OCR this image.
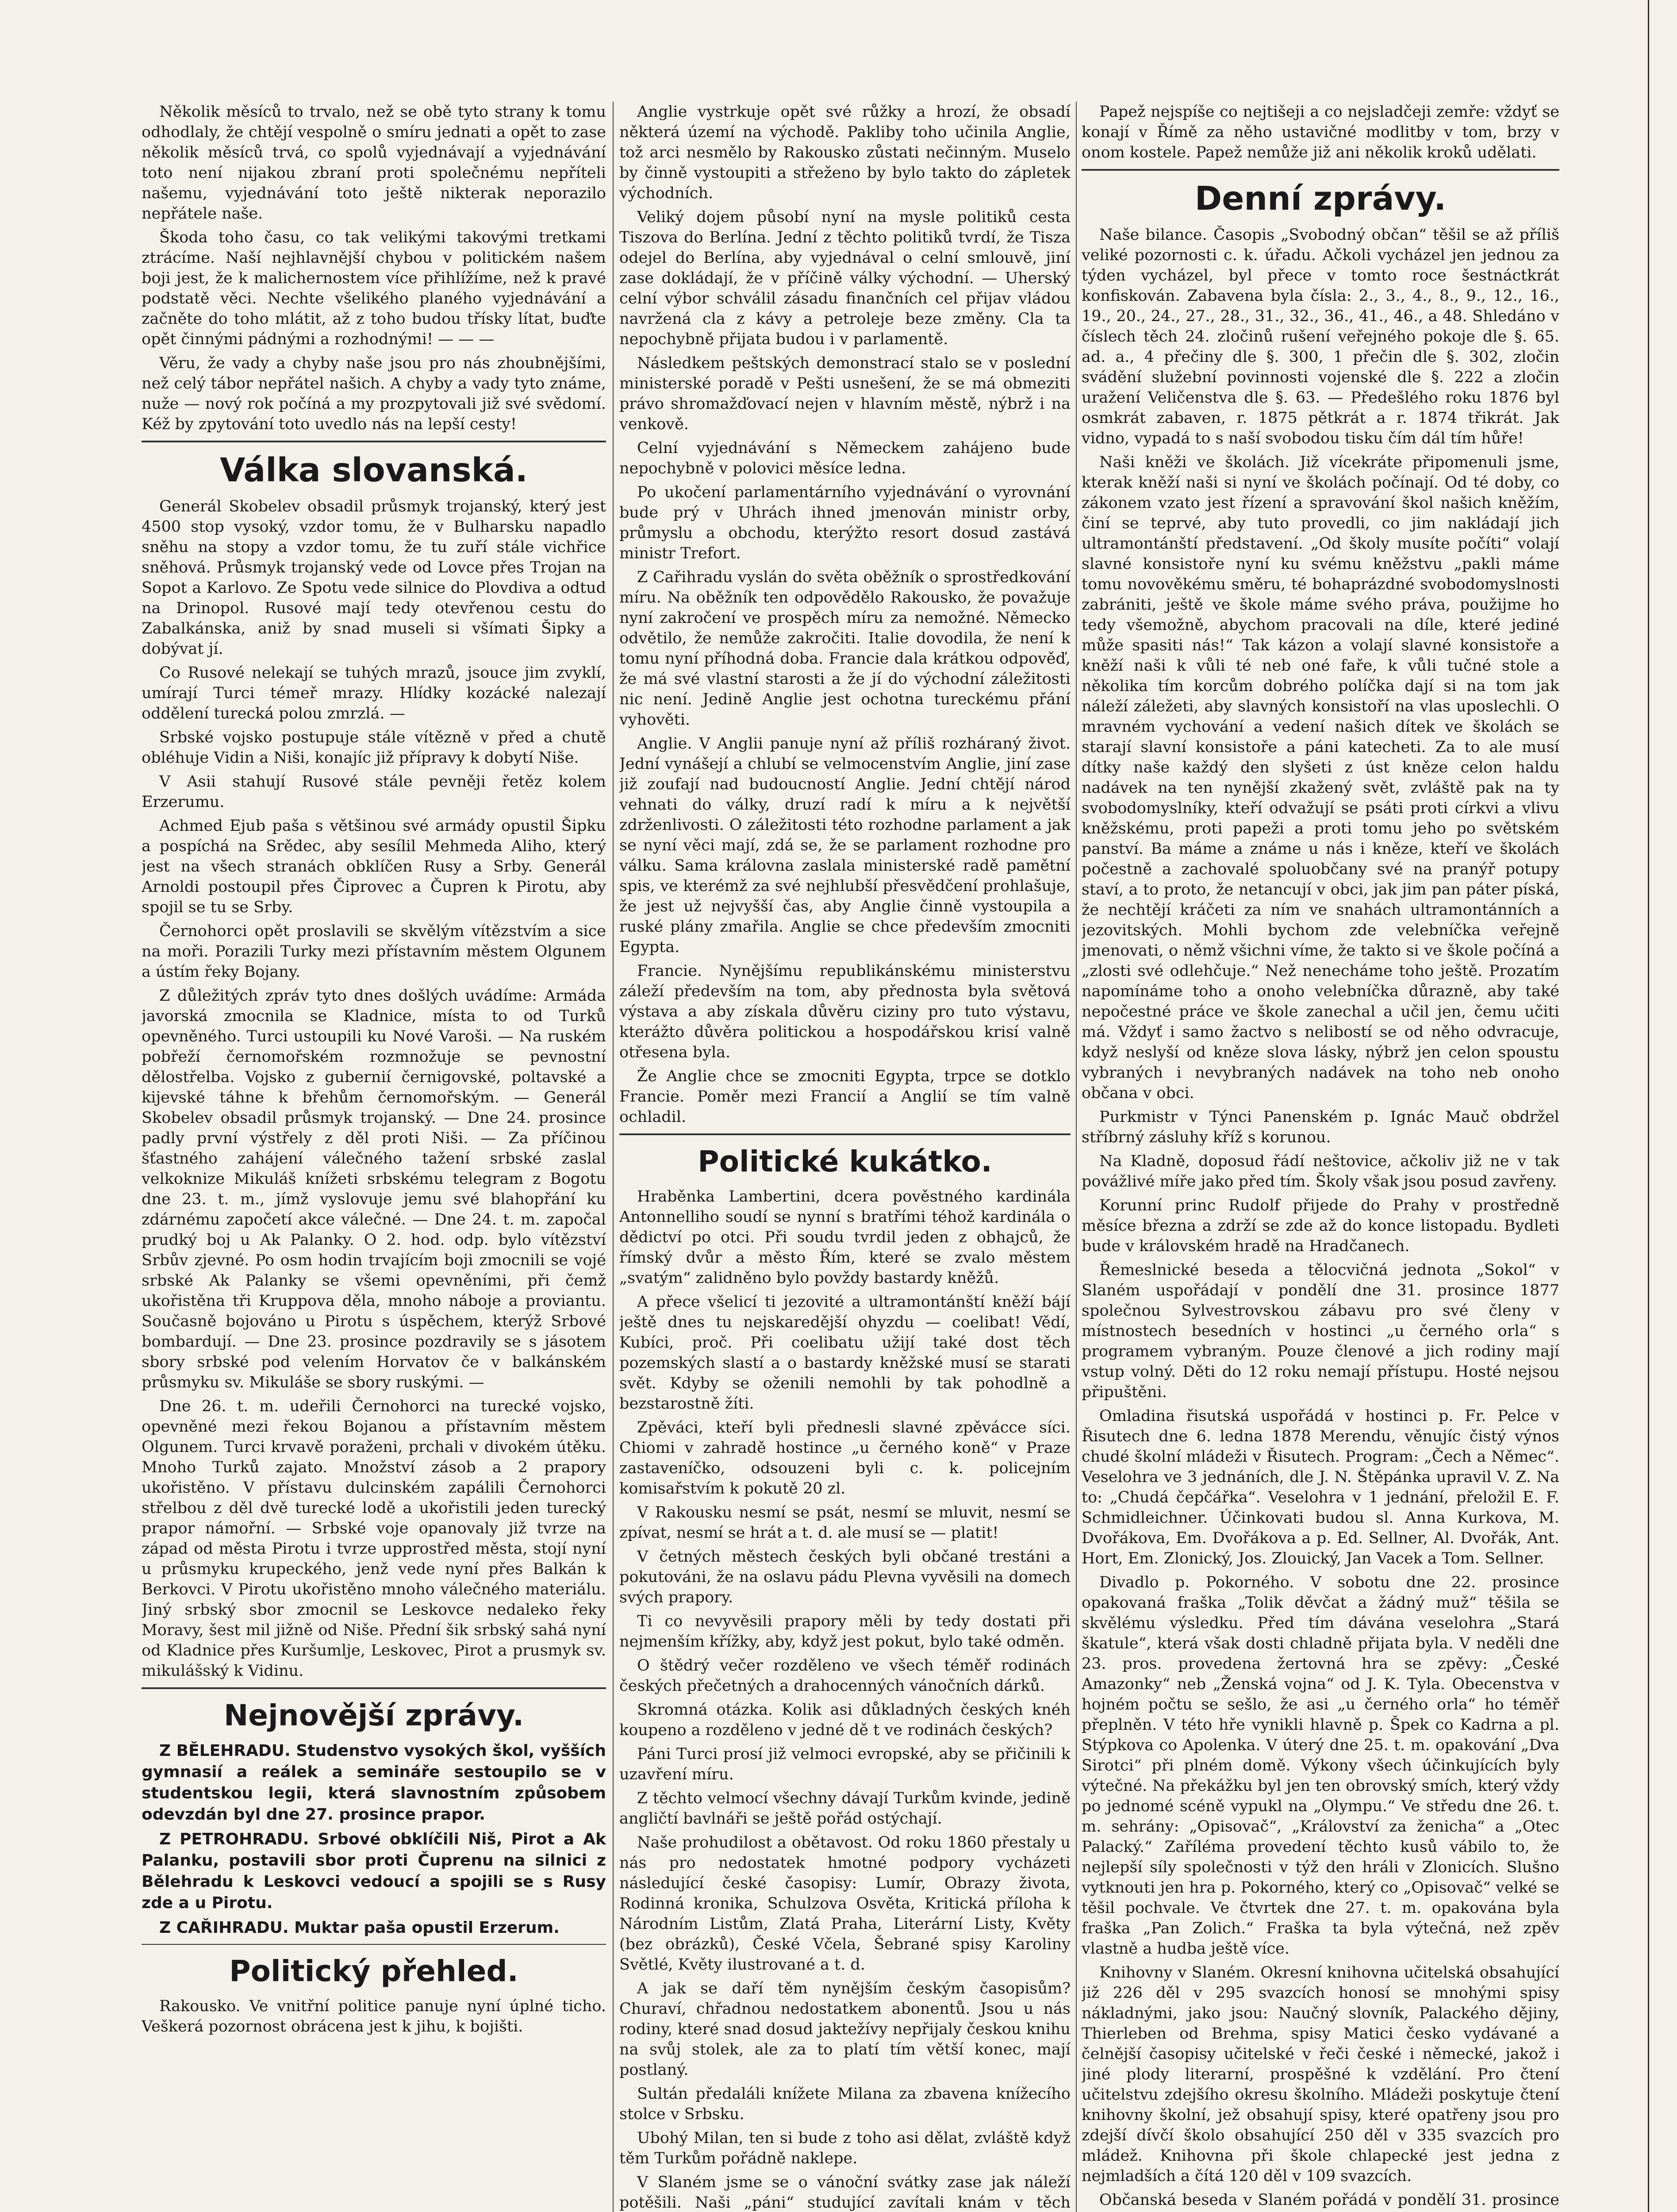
Několik měsíců to trvalo, než se obě tyto strany k tomu odhodlaly, že chtějí vespolně o smíru jednati a opět to zase několik měsíců trvá, co spolů vyjednávají a vyjednávání toto není nijakou zbraní proti společnému nepříteli našemu, vyjednávání toto ještě nikterak neporazilo nepřátele naše.

Škoda toho času, co tak velikými takovými tretkami ztrácíme. Naší nejhlavnější chybou v politickém našem boji jest, že k malichernostem více přihlížíme, než k pravé podstatě věci. Nechte všelikého planého vyjednávání a začněte do toho mlátit, až z toho budou třísky lítat, buďte opět činnými pádnými a rozhodnými! — — —

Věru, že vady a chyby naše jsou pro nás zhoubnějšími, než celý tábor nepřátel našich. A chyby a vady tyto známe, nuže — nový rok počíná a my prozpytovali již své svědomí. Kéž by zpytování toto uvedlo nás na lepší cesty!

Válka slovanská.

Generál Skobelev obsadil průsmyk trojanský, který jest 4500 stop vysoký, vzdor tomu, že v Bulharsku napadlo sněhu na stopy a vzdor tomu, že tu zuří stále vichřice sněhová. Průsmyk trojanský vede od Lovce přes Trojan na Sopot a Karlovo. Ze Spotu vede silnice do Plovdiva a odtud na Drinopol. Rusové mají tedy otevřenou cestu do Zabalkánska, aniž by snad museli si všímati Šipky a dobývat jí.

Co Rusové nelekají se tuhých mrazů, jsouce jim zvyklí, umírají Turci témeř mrazy. Hlídky kozácké nalezají oddělení turecká polou zmrzlá. —

Srbské vojsko postupuje stále vítězně v před a chutě obléhuje Vidin a Niši, konajíc již přípravy k dobytí Niše.

V Asii stahují Rusové stále pevněji řetěz kolem Erzerumu.

Achmed Ejub paša s většinou své armády opustil Šipku a pospíchá na Srědec, aby sesílil Mehmeda Aliho, který jest na všech stranách obklíčen Rusy a Srby. Generál Arnoldi postoupil přes Čiprovec a Čupren k Pirotu, aby spojil se tu se Srby.

Černohorci opět proslavili se skvělým vítězstvím a sice na moři. Porazili Turky mezi přístavním městem Olgunem a ústím řeky Bojany.

Z důležitých zpráv tyto dnes došlých uvádíme: Armáda javorská zmocnila se Kladnice, místa to od Turků opevněného. Turci ustoupili ku Nové Varoši. — Na ruském pobřeží černomořském rozmnožuje se pevnostní dělostřelba. Vojsko z gubernií černigovské, poltavské a kijevské táhne k břehům černomořským. — Generál Skobelev obsadil průsmyk trojanský. — Dne 24. prosince padly první výstřely z děl proti Niši. — Za příčinou šťastného zahájení válečného tažení srbské zaslal velkoknize Mikuláš knížeti srbskému telegram z Bogotu dne 23. t. m., jímž vyslovuje jemu své blahopřání ku zdárnému započetí akce válečné. — Dne 24. t. m. započal prudký boj u Ak Palanky. O 2. hod. odp. bylo vítězství Srbův zjevné. Po osm hodin trvajícím boji zmocnili se vojé srbské Ak Palanky se všemi opevněními, při čemž ukořistěna tři Kruppova děla, mnoho náboje a proviantu. Současně bojováno u Pirotu s úspěchem, kterýž Srbové bombardují. — Dne 23. prosince pozdravily se s jásotem sbory srbské pod velením Horvatov če v balkánském průsmyku sv. Mikuláše se sbory ruskými. —

Dne 26. t. m. udeřili Černohorci na turecké vojsko, opevněné mezi řekou Bojanou a přístavním městem Olgunem. Turci krvavě poraženi, prchali v divokém útěku. Mnoho Turků zajato. Množství zásob a 2 prapory ukořistěno. V přístavu dulcinském zapálili Černohorci střelbou z děl dvě turecké lodě a ukořistili jeden turecký prapor námořní. — Srbské voje opanovaly již tvrze na západ od města Pirotu i tvrze upprostřed města, stojí nyní u průsmyku krupeckého, jenž vede nyní přes Balkán k Berkovci. V Pirotu ukořistěno mnoho válečného materiálu. Jiný srbský sbor zmocnil se Leskovce nedaleko řeky Moravy, šest mil jižně od Niše. Přední šik srbský sahá nyní od Kladnice přes Kuršumlje, Leskovec, Pirot a prusmyk sv. mikulášský k Vidinu.

Nejnovější zprávy.

Z BĚLEHRADU. Studenstvo vysokých škol, vyšších gymnasií a reálek a semináře sestoupilo se v studentskou legii, která slavnostním způsobem odevzdán byl dne 27. prosince prapor.

Z PETROHRADU. Srbové obklíčili Niš, Pirot a Ak Palanku, postavili sbor proti Čuprenu na silnici z Bělehradu k Leskovci vedoucí a spojili se s Rusy zde a u Pirotu.

Z CAŘIHRADU. Muktar paša opustil Erzerum.

Politický přehled.

Rakousko. Ve vnitřní politice panuje nyní úplné ticho. Veškerá pozornost obrácena jest k jihu, k bojišti.

Anglie vystrkuje opět své růžky a hrozí, že obsadí některá území na východě. Pakliby toho učinila Anglie, tož arci nesmělo by Rakousko zůstati nečinným. Muselo by činně vystoupiti a střeženo by bylo takto do zápletek východních.

Veliký dojem působí nyní na mysle politiků cesta Tiszova do Berlína. Jední z těchto politiků tvrdí, že Tisza odejel do Berlína, aby vyjednával o celní smlouvě, jiní zase dokládají, že v příčině války východní. — Uherský celní výbor schválil zásadu finančních cel přijav vládou navržená cla z kávy a petroleje beze změny. Cla ta nepochybně přijata budou i v parlamentě.

Následkem peštských demonstrací stalo se v poslední ministerské poradě v Pešti usnešení, že se má obmeziti právo shromažďovací nejen v hlavním městě, nýbrž i na venkově.

Celní vyjednávání s Německem zahájeno bude nepochybně v polovici měsíce ledna.

Po ukočení parlamentárního vyjednávání o vyrovnání bude prý v Uhrách ihned jmenován ministr orby, průmyslu a obchodu, kterýžto resort dosud zastává ministr Trefort.

Z Cařihradu vyslán do světa oběžník o sprostředkování míru. Na oběžník ten odpovědělo Rakousko, že považuje nyní zakročení ve prospěch míru za nemožné. Německo odvětilo, že nemůže zakročiti. Italie dovodila, že není k tomu nyní příhodná doba. Francie dala krátkou odpověď, že má své vlastní starosti a že jí do východní záležitosti nic není. Jedině Anglie jest ochotna tureckému přání vyhověti.

Anglie. V Anglii panuje nyní až příliš rozháraný život. Jední vynášejí a chlubí se velmocenstvím Anglie, jiní zase již zoufají nad budoucností Anglie. Jední chtějí národ vehnati do války, druzí radí k míru a k největší zdrženlivosti. O záležitosti této rozhodne parlament a jak se nyní věci mají, zdá se, že se parlament rozhodne pro válku. Sama královna zaslala ministerské radě pamětní spis, ve kterémž za své nejhlubší přesvědčení prohlašuje, že jest už nejvyšší čas, aby Anglie činně vystoupila a ruské plány zmařila. Anglie se chce především zmocniti Egypta.

Francie. Nynějšímu republikánskému ministerstvu záleží především na tom, aby přednosta byla světová výstava a aby získala důvěru ciziny pro tuto výstavu, kterážto důvěra politickou a hospodářskou krisí valně otřesena byla.

Že Anglie chce se zmocniti Egypta, trpce se dotklo Francie. Poměr mezi Francií a Anglií se tím valně ochladil.

Politické kukátko.

Hraběnka Lambertini, dcera pověstného kardinála Antonnelliho soudí se nynní s bratřími téhož kardinála o dědictví po otci. Při soudu tvrdil jeden z obhajců, že římský dvůr a město Řím, které se zvalo městem „svatým“ zalidněno bylo povždy bastardy kněžů.

A přece všelicí ti jezovité a ultramontánští kněží bájí ještě dnes tu nejskaredější ohyzdu — coelibat! Vědí, Kubíci, proč. Při coelibatu užijí také dost těch pozemských slastí a o bastardy kněžské musí se starati svět. Kdyby se oženili nemohli by tak pohodlně a bezstarostně žíti.

Zpěváci, kteří byli přednesli slavné zpěvácce síci. Chiomi v zahradě hostince „u černého koně“ v Praze zastaveníčko, odsouzeni byli c. k. policejním komisařstvím k pokutě 20 zl.

V Rakousku nesmí se psát, nesmí se mluvit, nesmí se zpívat, nesmí se hrát a t. d. ale musí se — platit!

V četných městech českých byli občané trestáni a pokutováni, že na oslavu pádu Plevna vyvěsili na domech svých prapory.

Ti co nevyvěsili prapory měli by tedy dostati při nejmenším křížky, aby, když jest pokut, bylo také odměn.

O štědrý večer rozděleno ve všech téměř rodinách českých přečetných a drahocenných vánočních dárků.

Skromná otázka. Kolik asi důkladných českých knéh koupeno a rozděleno v jedné dě t ve rodinách českých?

Páni Turci prosí již velmoci evropské, aby se přičinili k uzavření míru.

Z těchto velmocí všechny dávají Turkům kvinde, jedině angličtí bavlnáři se ještě pořád ostýchají.

Naše prohudilost a obětavost. Od roku 1860 přestaly u nás pro nedostatek hmotné podpory vycházeti následující české časopisy: Lumír, Obrazy života, Rodinná kronika, Schulzova Osvěta, Kritická příloha k Národním Listům, Zlatá Praha, Literární Listy, Květy (bez obrázků), České Včela, Šebrané spisy Karoliny Světlé, Květy ilustrované a t. d.

A jak se daří těm nynějším českým časopisům? Churaví, chřadnou nedostatkem abonentů. Jsou u nás rodiny, které snad dosud jaktežívy nepřijaly českou knihu na svůj stolek, ale za to platí tím větší konec, mají postlaný.

Sultán předaláli knížete Milana za zbavena knížecího stolce v Srbsku.

Ubohý Milan, ten si bude z toho asi dělat, zvláště když těm Turkům pořádně naklepe.

V Slaném jsme se o vánoční svátky zase jak náleží potěšili. Naši „páni“ studující zavítali knám v těch

Papež nejspíše co nejtišeji a co nejsladčeji zemře: vždyť se konají v Římě za něho ustavičné modlitby v tom, brzy v onom kostele. Papež nemůže již ani několik kroků udělati.

Denní zprávy.

Naše bilance. Časopis „Svobodný občan“ těšil se až příliš veliké pozornosti c. k. úřadu. Ačkoli vycházel jen jednou za týden vycházel, byl přece v tomto roce šestnáctkrát konfiskován. Zabavena byla čísla: 2., 3., 4., 8., 9., 12., 16., 19., 20., 24., 27., 28., 31., 32., 36., 41., 46., a 48. Shledáno v číslech těch 24. zločinů rušení veřejného pokoje dle §. 65. ad. a., 4 přečiny dle §. 300, 1 přečin dle §. 302, zločin svádění služební povinnosti vojenské dle §. 222 a zločin uražení Veličenstva dle §. 63. — Předešlého roku 1876 byl osmkrát zabaven, r. 1875 pětkrát a r. 1874 třikrát. Jak vidno, vypadá to s naší svobodou tisku čím dál tím hůře!

Naši kněži ve školách. Již vícekráte připomenuli jsme, kterak kněží naši si nyní ve školách počínají. Od té doby, co zákonem vzato jest řízení a spravování škol našich kněžím, činí se teprvé, aby tuto provedli, co jim nakládají jich ultramontánští představení. „Od školy musíte počíti“ volají slavné konsistoře nyní ku svému kněžstvu „pakli máme tomu novověkému směru, té bohaprázdné svobodomyslnosti zabrániti, ještě ve škole máme svého práva, použijme ho tedy všemožně, abychom pracovali na díle, které jediné může spasiti nás!“ Tak kázon a volají slavné konsistoře a kněží naši k vůli té neb oné faře, k vůli tučné stole a několika tím korcům dobrého políčka dají si na tom jak náleží záležeti, aby slavných konsistoří na vlas uposlechli. O mravném vychování a vedení našich dítek ve školách se starají slavní konsistoře a páni katecheti. Za to ale musí dítky naše každý den slyšeti z úst kněze celon haldu nadávek na ten nynější zkažený svět, zvláště pak na ty svobodomyslníky, kteří odvažují se psáti proti církvi a vlivu kněžskému, proti papeži a proti tomu jeho po světském panství. Ba máme a známe u nás i kněze, kteří ve školách počestně a zachovalé spoluobčany své na pranýř potupy staví, a to proto, že netancují v obci, jak jim pan páter píská, že nechtějí kráčeti za ním ve snahách ultramontánních a jezovitských. Mohli bychom zde velebníčka veřejně jmenovati, o němž všichni víme, že takto si ve škole počíná a „zlosti své odlehčuje.“ Než nenecháme toho ještě. Prozatím napomínáme toho a onoho velebníčka důrazně, aby také nepočestné práce ve škole zanechal a učil jen, čemu učiti má. Vždyť i samo žactvo s nelibostí se od něho odvracuje, když neslyší od kněze slova lásky, nýbrž jen celon spoustu vybraných i nevybraných nadávek na toho neb onoho občana v obci.

Purkmistr v Týnci Panenském p. Ignác Mauč obdržel stříbrný zásluhy kříž s korunou.

Na Kladně, doposud řádí neštovice, ačkoliv již ne v tak povážlivé míře jako před tím. Školy však jsou posud zavřeny.

Korunní princ Rudolf přijede do Prahy v prostředně měsíce března a zdrží se zde až do konce listopadu. Bydleti bude v královském hradě na Hradčanech.

Řemeslnické beseda a tělocvičná jednota „Sokol“ v Slaném uspořádají v pondělí dne 31. prosince 1877 společnou Sylvestrovskou zábavu pro své členy v místnostech besedních v hostinci „u černého orla“ s programem vybraným. Pouze členové a jich rodiny mají vstup volný. Děti do 12 roku nemají přístupu. Hosté nejsou připuštěni.

Omladina řisutská uspořádá v hostinci p. Fr. Pelce v Řisutech dne 6. ledna 1878 Merendu, věnujíc čistý výnos chudé školní mládeži v Řisutech. Program: „Čech a Němec“. Veselohra ve 3 jednáních, dle J. N. Štěpánka upravil V. Z. Na to: „Chudá čepčářka“. Veselohra v 1 jednání, přeložil E. F. Schmidleichner. Účinkovati budou sl. Anna Kurkova, M. Dvořákova, Em. Dvořákova a p. Ed. Sellner, Al. Dvořák, Ant. Hort, Em. Zlonický, Jos. Zlouický, Jan Vacek a Tom. Sellner.

Divadlo p. Pokorného. V sobotu dne 22. prosince opakovaná fraška „Tolik děvčat a žádný muž“ těšila se skvělému výsledku. Před tím dávána veselohra „Stará škatule“, která však dosti chladně přijata byla. V neděli dne 23. pros. provedena žertovná hra se zpěvy: „České Amazonky“ neb „Ženská vojna“ od J. K. Tyla. Obecenstva v hojném počtu se sešlo, že asi „u černého orla“ ho téměř přeplněn. V této hře vynikli hlavně p. Špek co Kadrna a pl. Stýpkova co Apolenka. V úterý dne 25. t. m. opakování „Dva Sirotci“ při plném domě. Výkony všech účinkujících byly výtečné. Na překážku byl jen ten obrovský smích, který vždy po jednomé scéně vypukl na „Olympu.“ Ve středu dne 26. t. m. sehrány: „Opisovač“, „Království za ženicha“ a „Otec Palacký.“ Zaříléma provedení těchto kusů vábilo to, že nejlepší síly společnosti v týž den hráli v Zlonicích. Slušno vytknouti jen hra p. Pokorného, který co „Opisovač“ velké se těšil pochvale. Ve čtvrtek dne 27. t. m. opakována byla fraška „Pan Zolich.“ Fraška ta byla výtečná, než zpěv vlastně a hudba ještě více.

Knihovny v Slaném. Okresní knihovna učitelská obsahující již 226 děl v 295 svazcích honosí se mnohými spisy nákladnými, jako jsou: Naučný slovník, Palackého dějiny, Thierleben od Brehma, spisy Matici česko vydávané a čelnější časopisy učitelské v řeči české i německé, jakož i jiné plody literarní, prospěšné k vzdělání. Pro čtení učitelstvu zdejšího okresu školního. Mládeži poskytuje čtení knihovny školní, jež obsahují spisy, které opatřeny jsou pro zdejší dívčí školo obsahující 250 děl v 335 svazcích pro mládež. Knihovna při škole chlapecké jest jedna z nejmladších a čítá 120 děl v 109 svazcích.

Občanská beseda v Slaném pořádá v pondělí 31. prosince
